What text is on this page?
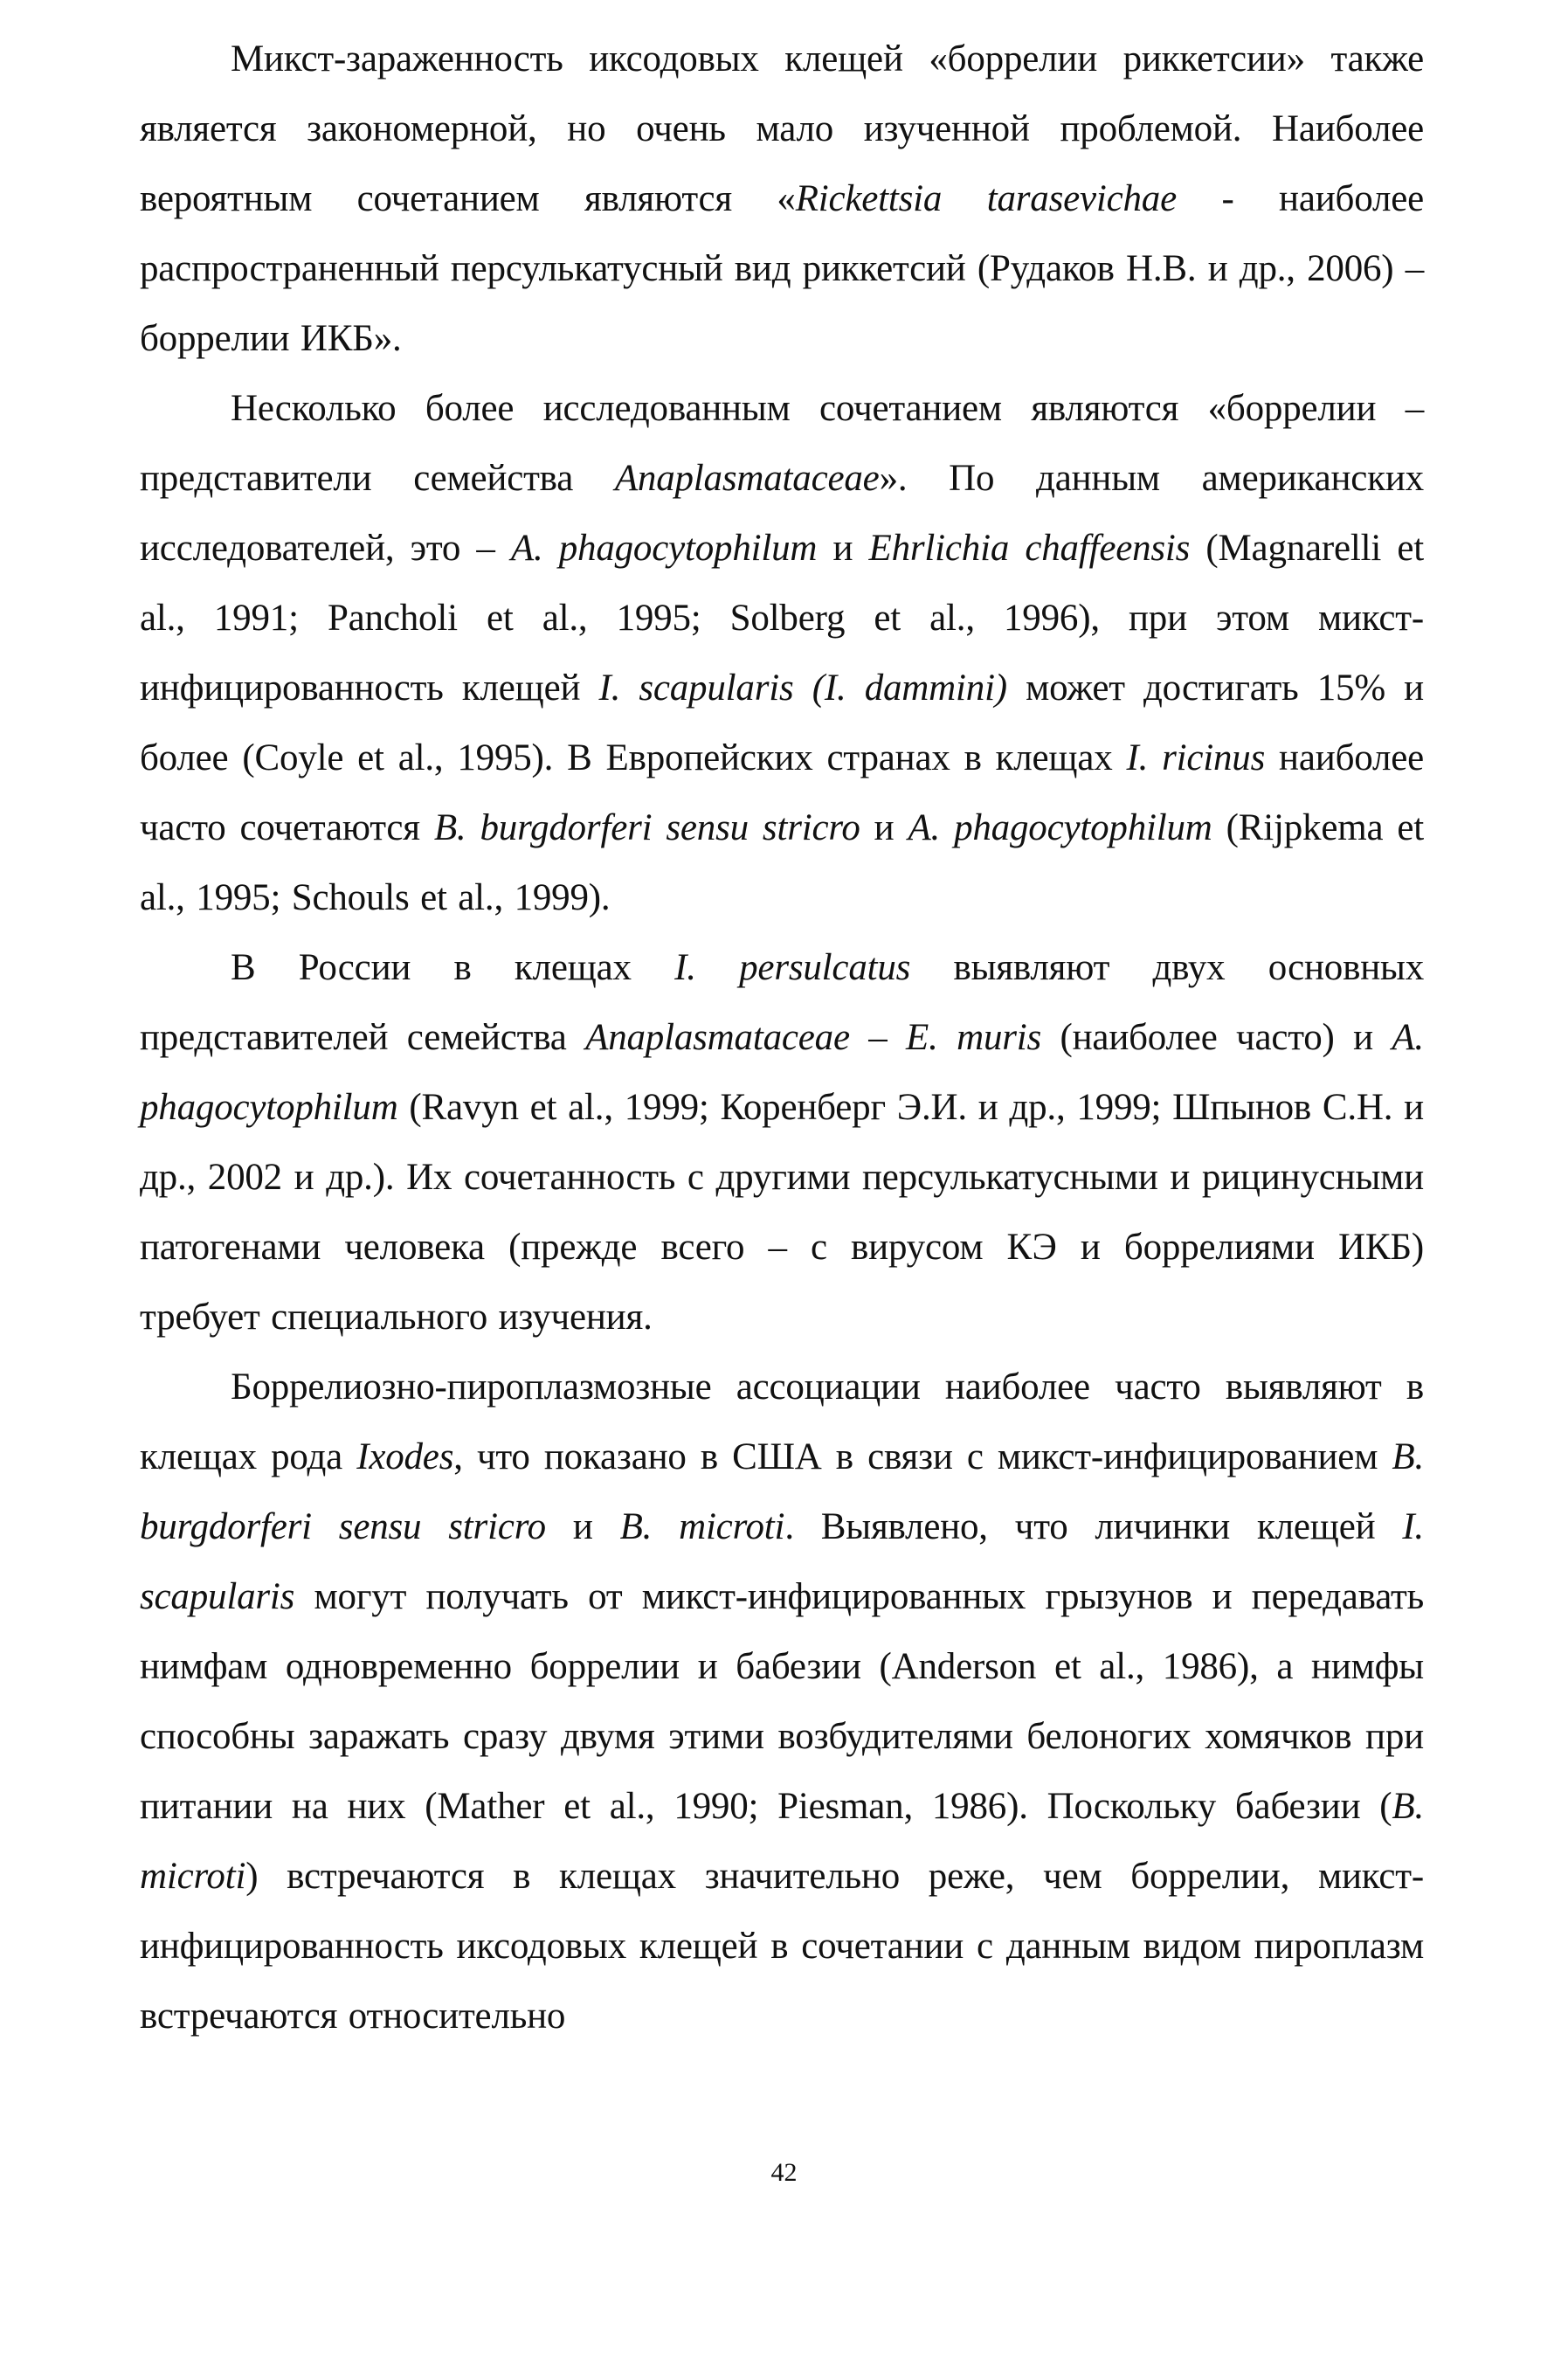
Микст-зараженность иксодовых клещей «боррелии риккетсии» также является закономерной, но очень мало изученной проблемой. Наиболее вероятным сочетанием являются «Rickettsia tarasevichae - наиболее распространенный персулькатусный вид риккетсий (Рудаков Н.В. и др., 2006) – боррелии ИКБ».

Несколько более исследованным сочетанием являются «боррелии – представители семейства Anaplasmataceae». По данным американских исследователей, это – A. phagocytophilum и Ehrlichia chaffeensis (Magnarelli et al., 1991; Pancholi et al., 1995; Solberg et al., 1996), при этом микст-инфицированность клещей I. scapularis (I. dammini) может достигать 15% и более (Coyle et al., 1995). В Европейских странах в клещах I. ricinus наиболее часто сочетаются B. burgdorferi sensu stricro и A. phagocytophilum (Rijpkema et al., 1995; Schouls et al., 1999).

В России в клещах I. persulcatus выявляют двух основных представителей семейства Anaplasmataceae – E. muris (наиболее часто) и A. phagocytophilum (Ravyn et al., 1999; Коренберг Э.И. и др., 1999; Шпынов С.Н. и др., 2002 и др.). Их сочетанность с другими персулькатусными и рицинусными патогенами человека (прежде всего – с вирусом КЭ и боррелиями ИКБ) требует специального изучения.

Боррелиозно-пироплазмозные ассоциации наиболее часто выявляют в клещах рода Ixodes, что показано в США в связи с микст-инфицированием B. burgdorferi sensu stricro и B. microti. Выявлено, что личинки клещей I. scapularis могут получать от микст-инфицированных грызунов и передавать нимфам одновременно боррелии и бабезии (Anderson et al., 1986), а нимфы способны заражать сразу двумя этими возбудителями белоногих хомячков при питании на них (Mather et al., 1990; Piesman, 1986). Поскольку бабезии (B. microti) встречаются в клещах значительно реже, чем боррелии, микст-инфицированность иксодовых клещей в сочетании с данным видом пироплазм встречаются относительно

42
